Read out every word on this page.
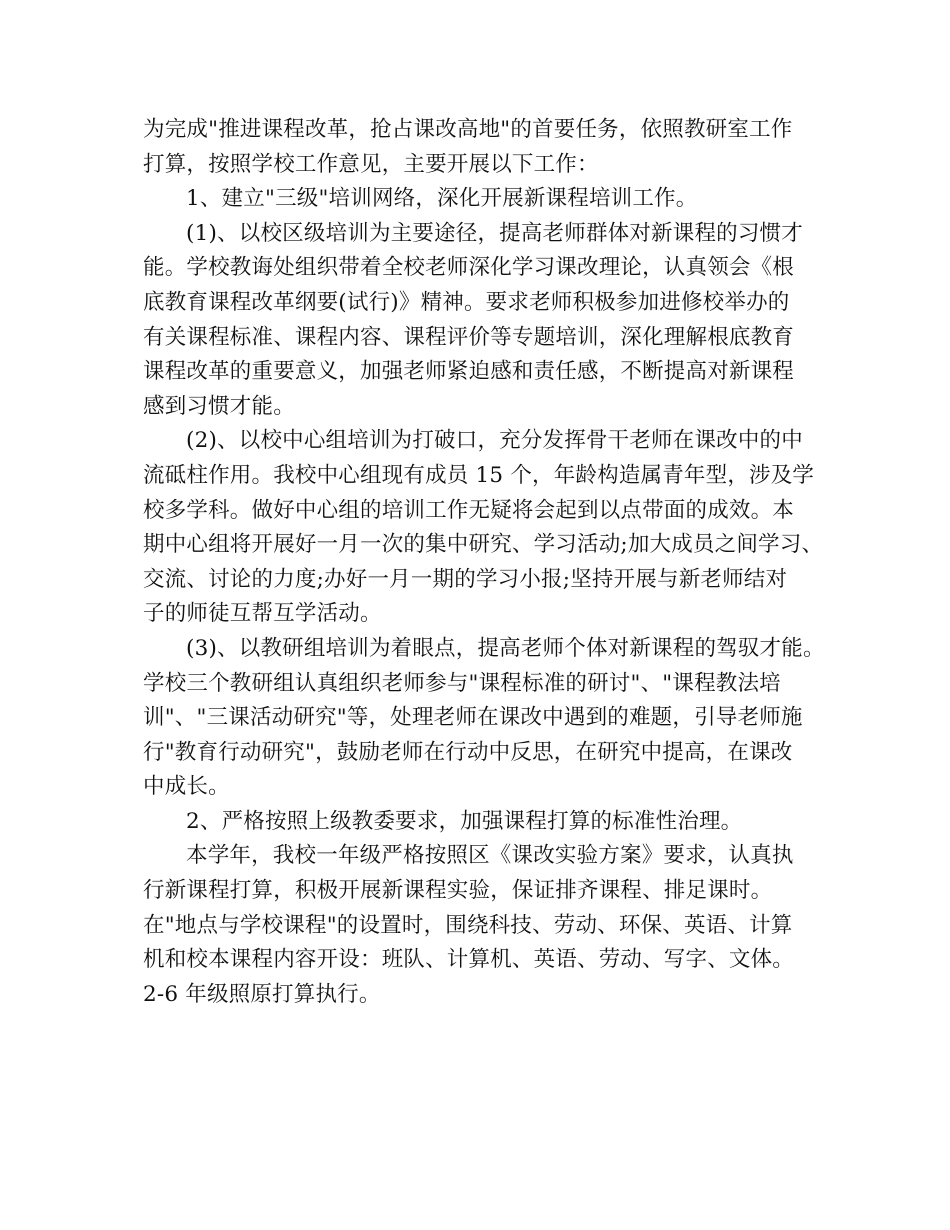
为完成"推进课程改革，抢占课改高地"的首要任务，依照教研室工作
打算，按照学校工作意见，主要开展以下工作：
1、建立"三级"培训网络，深化开展新课程培训工作。
(1)、以校区级培训为主要途径，提高老师群体对新课程的习惯才
能。学校教诲处组织带着全校老师深化学习课改理论，认真领会《根
底教育课程改革纲要(试行)》精神。要求老师积极参加进修校举办的
有关课程标准、课程内容、课程评价等专题培训，深化理解根底教育
课程改革的重要意义，加强老师紧迫感和责任感，不断提高对新课程
感到习惯才能。
(2)、以校中心组培训为打破口，充分发挥骨干老师在课改中的中
流砥柱作用。我校中心组现有成员 15 个，年龄构造属青年型，涉及学
校多学科。做好中心组的培训工作无疑将会起到以点带面的成效。本
期中心组将开展好一月一次的集中研究、学习活动;加大成员之间学习、
交流、讨论的力度;办好一月一期的学习小报;坚持开展与新老师结对
子的师徒互帮互学活动。
(3)、以教研组培训为着眼点，提高老师个体对新课程的驾驭才能。
学校三个教研组认真组织老师参与"课程标准的研讨"、"课程教法培
训"、"三课活动研究"等，处理老师在课改中遇到的难题，引导老师施
行"教育行动研究"，鼓励老师在行动中反思，在研究中提高，在课改
中成长。
2、严格按照上级教委要求，加强课程打算的标准性治理。
本学年，我校一年级严格按照区《课改实验方案》要求，认真执
行新课程打算，积极开展新课程实验，保证排齐课程、排足课时。
在"地点与学校课程"的设置时，围绕科技、劳动、环保、英语、计算
机和校本课程内容开设：班队、计算机、英语、劳动、写字、文体。
2-6 年级照原打算执行。
